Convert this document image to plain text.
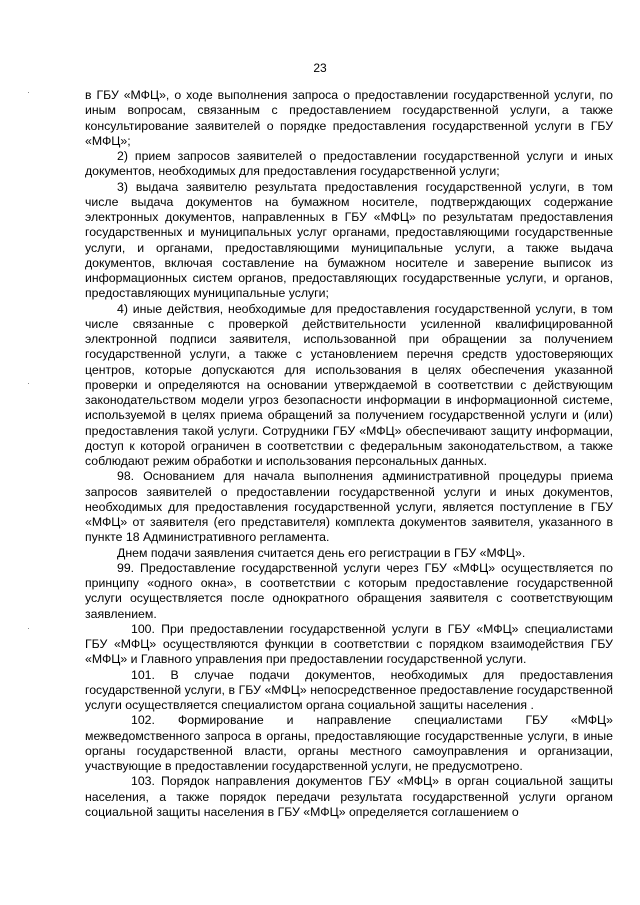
23

в ГБУ «МФЦ», о ходе выполнения запроса о предоставлении государственной услуги, по иным вопросам, связанным с предоставлением государственной услуги, а также консультирование заявителей о порядке предоставления государственной услуги в ГБУ «МФЦ»;

2) прием запросов заявителей о предоставлении государственной услуги и иных документов, необходимых для предоставления государственной услуги;

3) выдача заявителю результата предоставления государственной услуги, в том числе выдача документов на бумажном носителе, подтверждающих содержание электронных документов, направленных в ГБУ «МФЦ» по результатам предоставления государственных и муниципальных услуг органами, предоставляющими государственные услуги, и органами, предоставляющими муниципальные услуги, а также выдача документов, включая составление на бумажном носителе и заверение выписок из информационных систем органов, предоставляющих государственные услуги, и органов, предоставляющих муниципальные услуги;

4) иные действия, необходимые для предоставления государственной услуги, в том числе связанные с проверкой действительности усиленной квалифицированной электронной подписи заявителя, использованной при обращении за получением государственной услуги, а также с установлением перечня средств удостоверяющих центров, которые допускаются для использования в целях обеспечения указанной проверки и определяются на основании утверждаемой в соответствии с действующим законодательством модели угроз безопасности информации в информационной системе, используемой в целях приема обращений за получением государственной услуги и (или) предоставления такой услуги. Сотрудники ГБУ «МФЦ» обеспечивают защиту информации, доступ к которой ограничен в соответствии с федеральным законодательством, а также соблюдают режим обработки и использования персональных данных.

98. Основанием для начала выполнения административной процедуры приема запросов заявителей о предоставлении государственной услуги и иных документов, необходимых для предоставления государственной услуги, является поступление в ГБУ «МФЦ» от заявителя (его представителя) комплекта документов заявителя, указанного в пункте 18 Административного регламента.

Днем подачи заявления считается день его регистрации в ГБУ «МФЦ».

99. Предоставление государственной услуги через ГБУ «МФЦ» осуществляется по принципу «одного окна», в соответствии с которым предоставление государственной услуги осуществляется после однократного обращения заявителя с соответствующим заявлением.

100. При предоставлении государственной услуги в ГБУ «МФЦ» специалистами ГБУ «МФЦ» осуществляются функции в соответствии с порядком взаимодействия ГБУ «МФЦ» и Главного управления при предоставлении государственной услуги.

101. В случае подачи документов, необходимых для предоставления государственной услуги, в ГБУ «МФЦ» непосредственное предоставление государственной услуги осуществляется специалистом органа социальной защиты населения .

102. Формирование и направление специалистами ГБУ «МФЦ» межведомственного запроса в органы, предоставляющие государственные услуги, в иные органы государственной власти, органы местного самоуправления и организации, участвующие в предоставлении государственной услуги, не предусмотрено.

103. Порядок направления документов ГБУ «МФЦ» в орган социальной защиты населения, а также порядок передачи результата государственной услуги органом социальной защиты населения в ГБУ «МФЦ» определяется соглашением о
